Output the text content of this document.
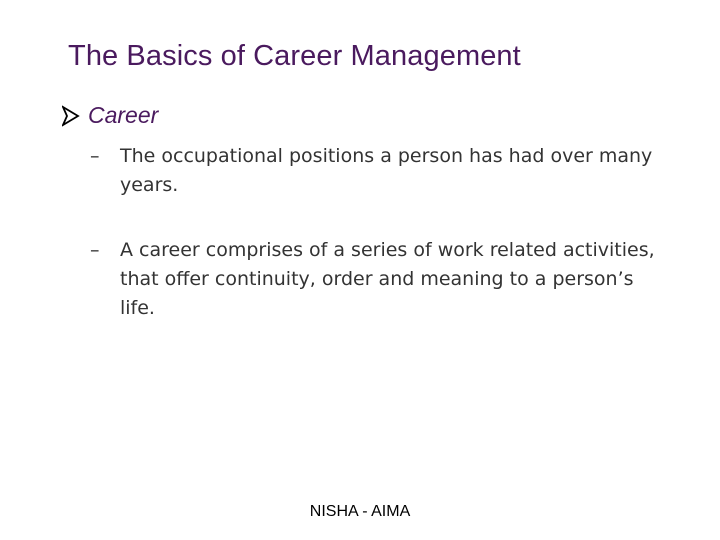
The Basics of Career Management
Career
– The occupational positions a person has had over many years.
– A career comprises of a series of work related activities, that offer continuity, order and meaning to a person’s life.
NISHA - AIMA
